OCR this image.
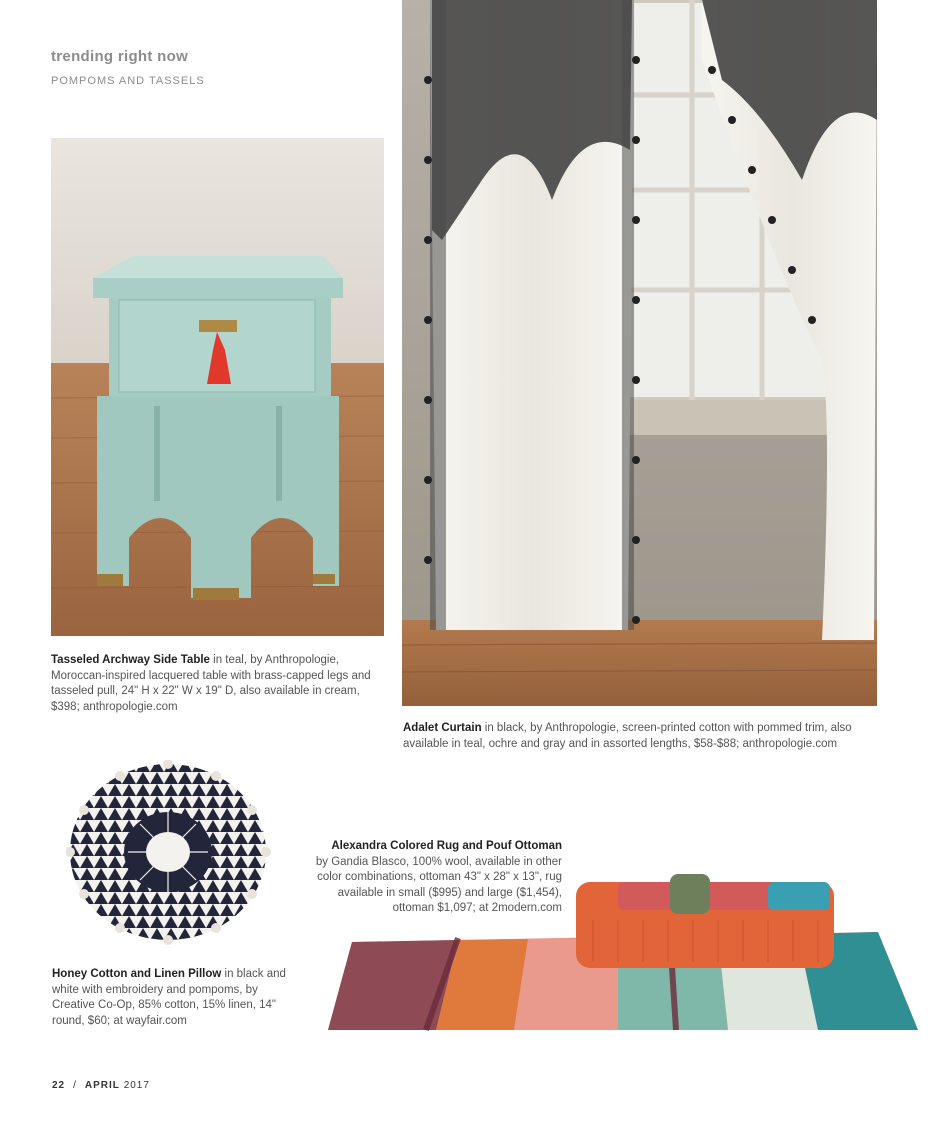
trending right now
POMPOMS AND TASSELS
Tasseled Archway Side Table in teal, by Anthropologie, Moroccan-inspired lacquered table with brass-capped legs and tasseled pull, 24" H x 22" W x 19" D, also available in cream, $398; anthropologie.com
Adalet Curtain in black, by Anthropologie, screen-printed cotton with pommed trim, also available in teal, ochre and gray and in assorted lengths, $58-$88; anthropologie.com
Alexandra Colored Rug and Pouf Ottoman
by Gandia Blasco, 100% wool, available in other color combinations, ottoman 43" x 28" x 13", rug available in small ($995) and large ($1,454), ottoman $1,097; at 2modern.com
Honey Cotton and Linen Pillow in black and white with embroidery and pompoms, by Creative Co-Op, 85% cotton, 15% linen, 14" round, $60; at wayfair.com
22 / APRIL 2017
